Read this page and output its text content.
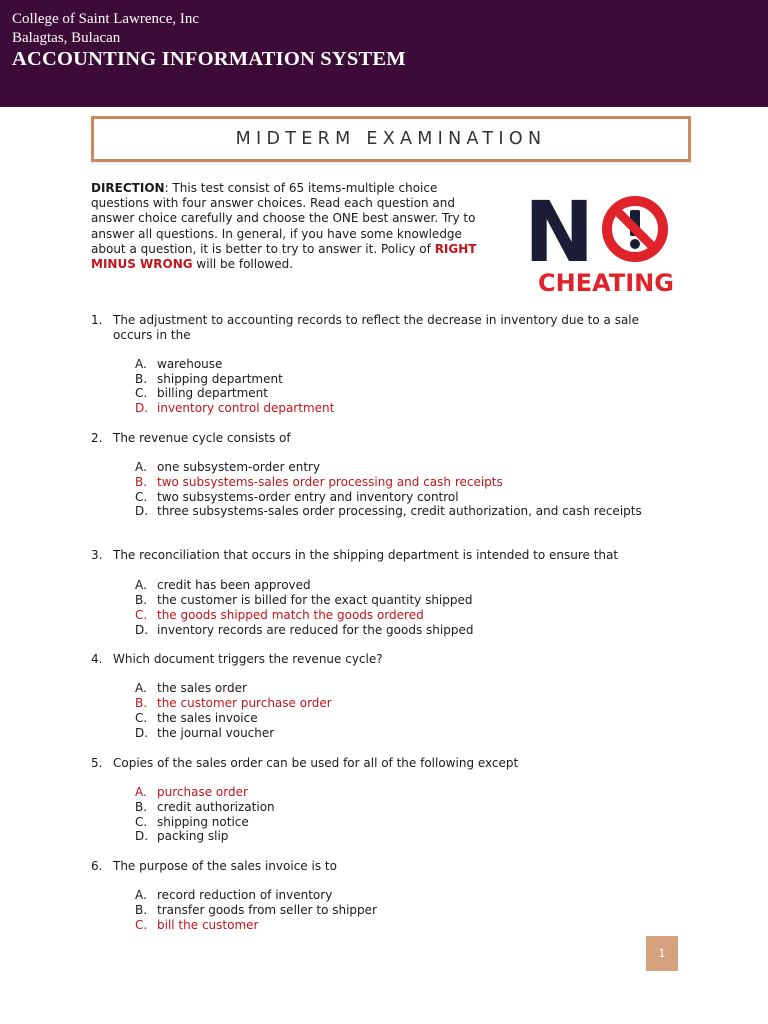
College of Saint Lawrence, Inc
Balagtas, Bulacan
ACCOUNTING INFORMATION SYSTEM
MIDTERM EXAMINATION
DIRECTION: This test consist of 65 items-multiple choice questions with four answer choices. Read each question and answer choice carefully and choose the ONE best answer. Try to answer all questions. In general, if you have some knowledge about a question, it is better to try to answer it. Policy of RIGHT MINUS WRONG will be followed.	N
CHEATING
1. The adjustment to accounting records to reflect the decrease in inventory due to a sale occurs in the
A. warehouse
B. shipping department
C. billing department
D. inventory control department
2. The revenue cycle consists of
A. one subsystem-order entry
B. two subsystems-sales order processing and cash receipts
C. two subsystems-order entry and inventory control
D. three subsystems-sales order processing, credit authorization, and cash receipts
3. The reconciliation that occurs in the shipping department is intended to ensure that
A. credit has been approved
B. the customer is billed for the exact quantity shipped
C. the goods shipped match the goods ordered
D. inventory records are reduced for the goods shipped
4. Which document triggers the revenue cycle?
A. the sales order
B. the customer purchase order
C. the sales invoice
D. the journal voucher
5. Copies of the sales order can be used for all of the following except
A. purchase order
B. credit authorization
C. shipping notice
D. packing slip
6. The purpose of the sales invoice is to
A. record reduction of inventory
B. transfer goods from seller to shipper
C. bill the customer
1
